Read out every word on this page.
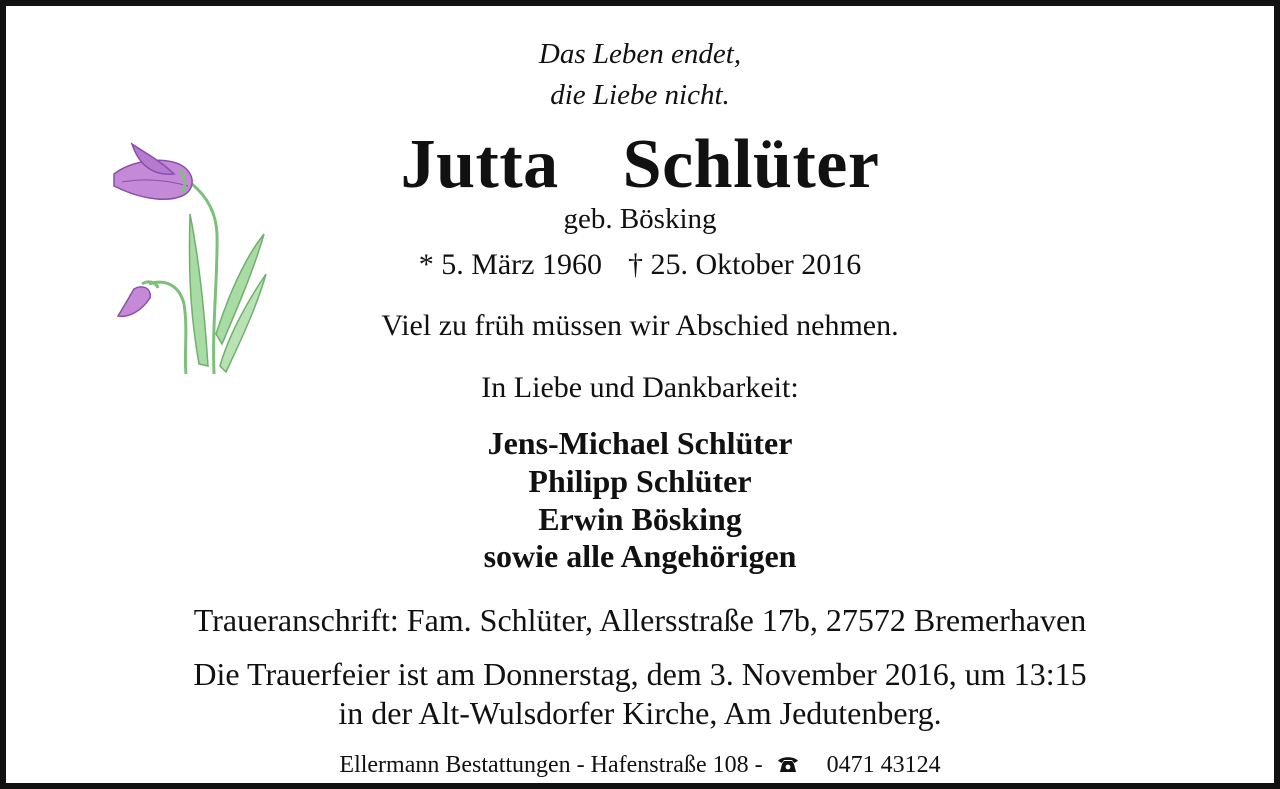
Das Leben endet,
die Liebe nicht.
Jutta  Schlüter
geb. Bösking
* 5. März 1960 † 25. Oktober 2016
Viel zu früh müssen wir Abschied nehmen.
In Liebe und Dankbarkeit:
Jens-Michael Schlüter
Philipp Schlüter
Erwin Bösking
sowie alle Angehörigen
Traueranschrift: Fam. Schlüter, Allersstraße 17b, 27572 Bremerhaven
Die Trauerfeier ist am Donnerstag, dem 3. November 2016, um 13:15
in der Alt-Wulsdorfer Kirche, Am Jedutenberg.
Ellermann Bestattungen - Hafenstraße 108 -	0471 43124
